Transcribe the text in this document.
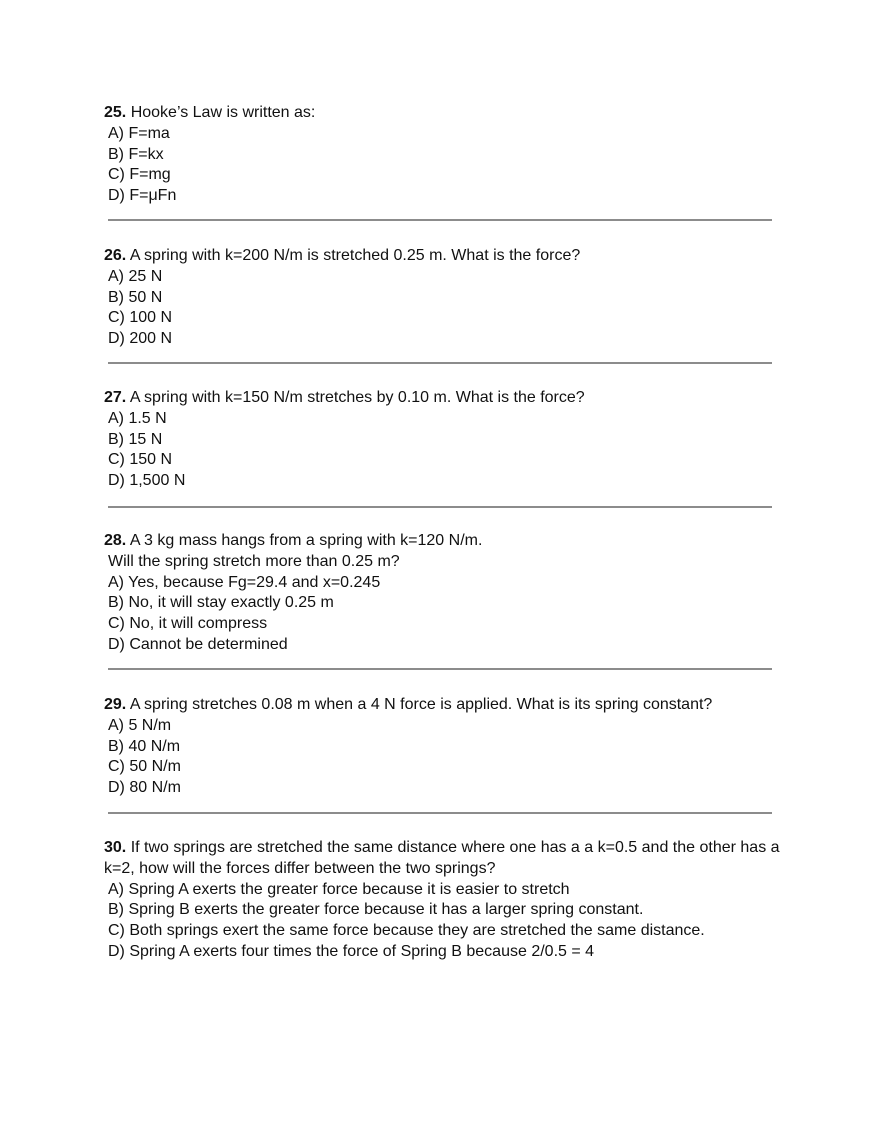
25. Hooke’s Law is written as:
A) F=ma
B) F=kx
C) F=mg
D) F=μFn
26. A spring with k=200 N/m is stretched 0.25 m. What is the force?
A) 25 N
B) 50 N
C) 100 N
D) 200 N
27. A spring with k=150 N/m stretches by 0.10 m. What is the force?
A) 1.5 N
B) 15 N
C) 150 N
D) 1,500 N
28. A 3 kg mass hangs from a spring with k=120 N/m.
Will the spring stretch more than 0.25 m?
A) Yes, because Fg=29.4 and x=0.245
B) No, it will stay exactly 0.25 m
C) No, it will compress
D) Cannot be determined
29. A spring stretches 0.08 m when a 4 N force is applied. What is its spring constant?
A) 5 N/m
B) 40 N/m
C) 50 N/m
D) 80 N/m
30. If two springs are stretched the same distance where one has a a k=0.5 and the other has a
k=2, how will the forces differ between the two springs?
A) Spring A exerts the greater force because it is easier to stretch
B) Spring B exerts the greater force because it has a larger spring constant.
C) Both springs exert the same force because they are stretched the same distance.
D) Spring A exerts four times the force of Spring B because 2/0.5 = 4
